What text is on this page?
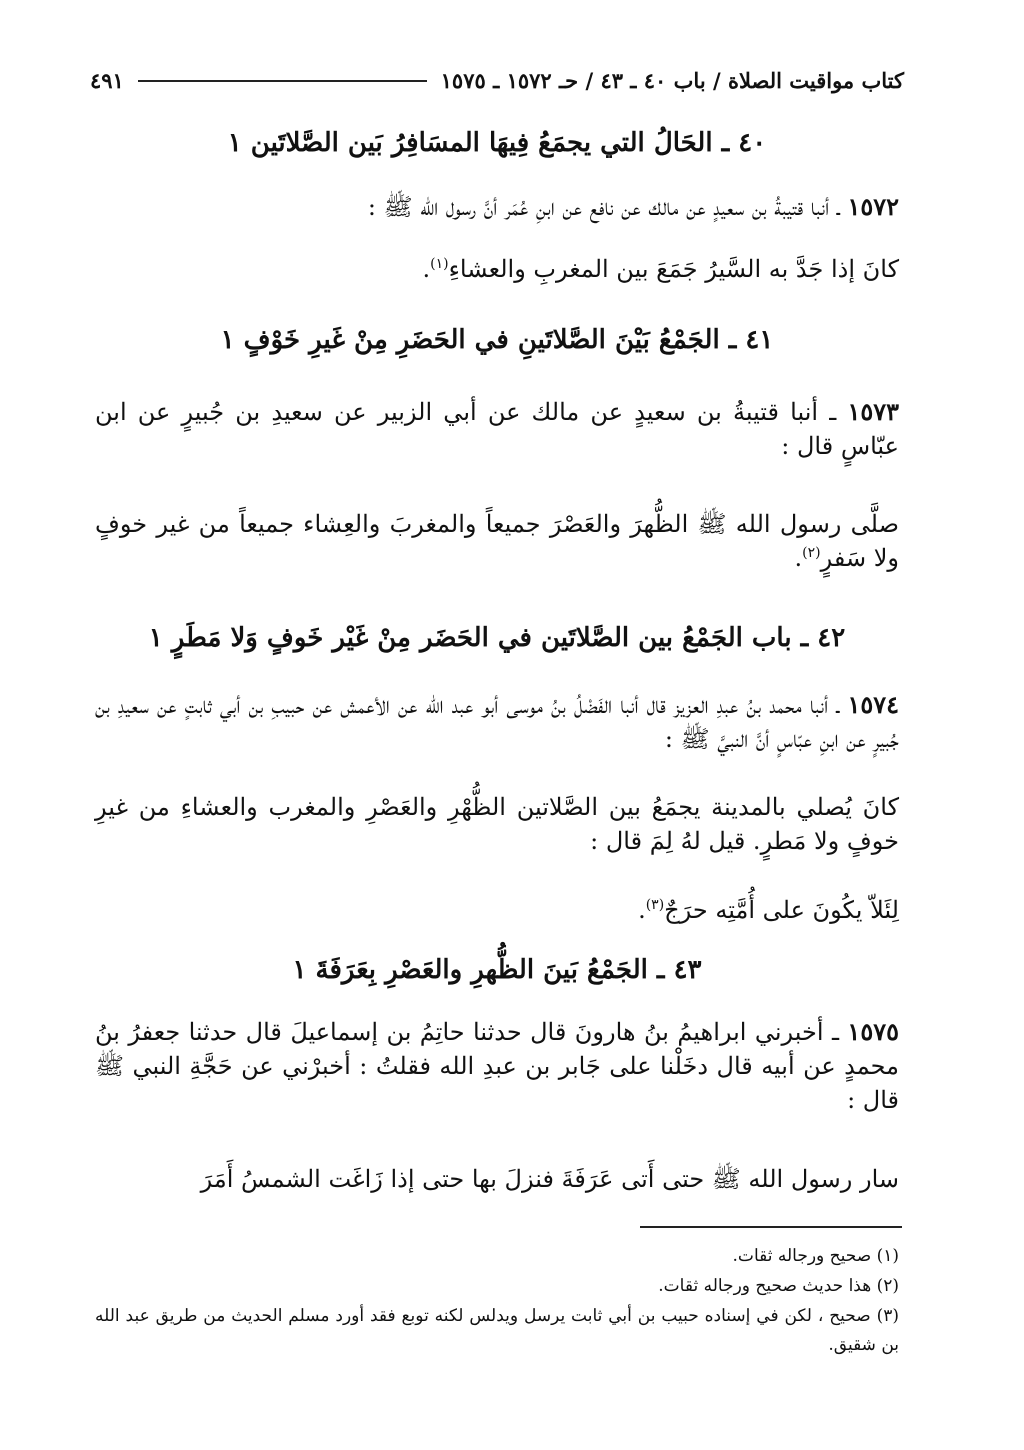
كتاب مواقيت الصلاة / باب ٤٠ ـ ٤٣ / حـ ١٥٧٢ ـ ١٥٧٥
٤٩١
٤٠ ـ الحَالُ التي يجمَعُ فِيهَا المسَافِرُ بَين الصَّلاتَين ١
١٥٧٢ ـ أنبا قتيبةُ بن سعيدٍ عن مالك عن نافع عن ابنِ عُمَر أنَّ رسول الله ﷺ :
كانَ إذا جَدَّ به السَّيرُ جَمَعَ بين المغربِ والعشاءِ$^{(١)}$.
٤١ ـ الجَمْعُ بَيْنَ الصَّلاتَينِ في الحَضَرِ مِنْ غَيرِ خَوْفٍ ١
١٥٧٣ ـ أنبا قتيبةُ بن سعيدٍ عن مالك عن أبي الزبير عن سعيدِ بن جُبيرٍ عن ابن عبّاسٍ قال :
صلَّى رسول الله ﷺ الظُّهرَ والعَصْرَ جميعاً والمغربَ والعِشاء جميعاً من غير خوفٍ ولا سَفرٍ$^{(٢)}$.
٤٢ ـ باب الجَمْعُ بين الصَّلاتَين في الحَضَر مِنْ غَيْر خَوفٍ وَلا مَطَرٍ ١
١٥٧٤ ـ أنبا محمد بنُ عبدِ العزيز قال أنبا الفَضْلُ بنُ موسى أبو عبد الله عن الأعمش عن حبيبِ بن أبي ثابتٍ عن سعيدِ بن جُبيرٍ عن ابنِ عبّاسٍ أنَّ النبيَّ ﷺ :
كانَ يُصلي بالمدينة يجمَعُ بين الصَّلاتين الظُّهْرِ والعَصْرِ والمغرب والعشاءِ من غيرِ خوفٍ ولا مَطرٍ. قيل لهُ لِمَ قال :
لِئَلاّ يكُونَ على أُمَّتِه حرَجٌ$^{(٣)}$.
٤٣ ـ الجَمْعُ بَينَ الظُّهرِ والعَصْرِ بِعَرَفَةَ ١
١٥٧٥ ـ أخبرني ابراهيمُ بنُ هارونَ قال حدثنا حاتِمُ بن إسماعيلَ قال حدثنا جعفرُ بنُ محمدٍ عن أبيه قال دخَلْنا على جَابر بن عبدِ الله فقلتُ : أخبرْني عن حَجَّةِ النبي ﷺ قال :
سار رسول الله ﷺ حتى أَتى عَرَفَةَ فنزلَ بها حتى إذا زَاغَت الشمسُ أَمَرَ
(١) صحيح ورجاله ثقات.
(٢) هذا حديث صحيح ورجاله ثقات.
(٣) صحيح ، لكن في إسناده حبيب بن أبي ثابت يرسل ويدلس لكنه توبع فقد أورد مسلم الحديث من طريق عبد الله بن شقيق.
